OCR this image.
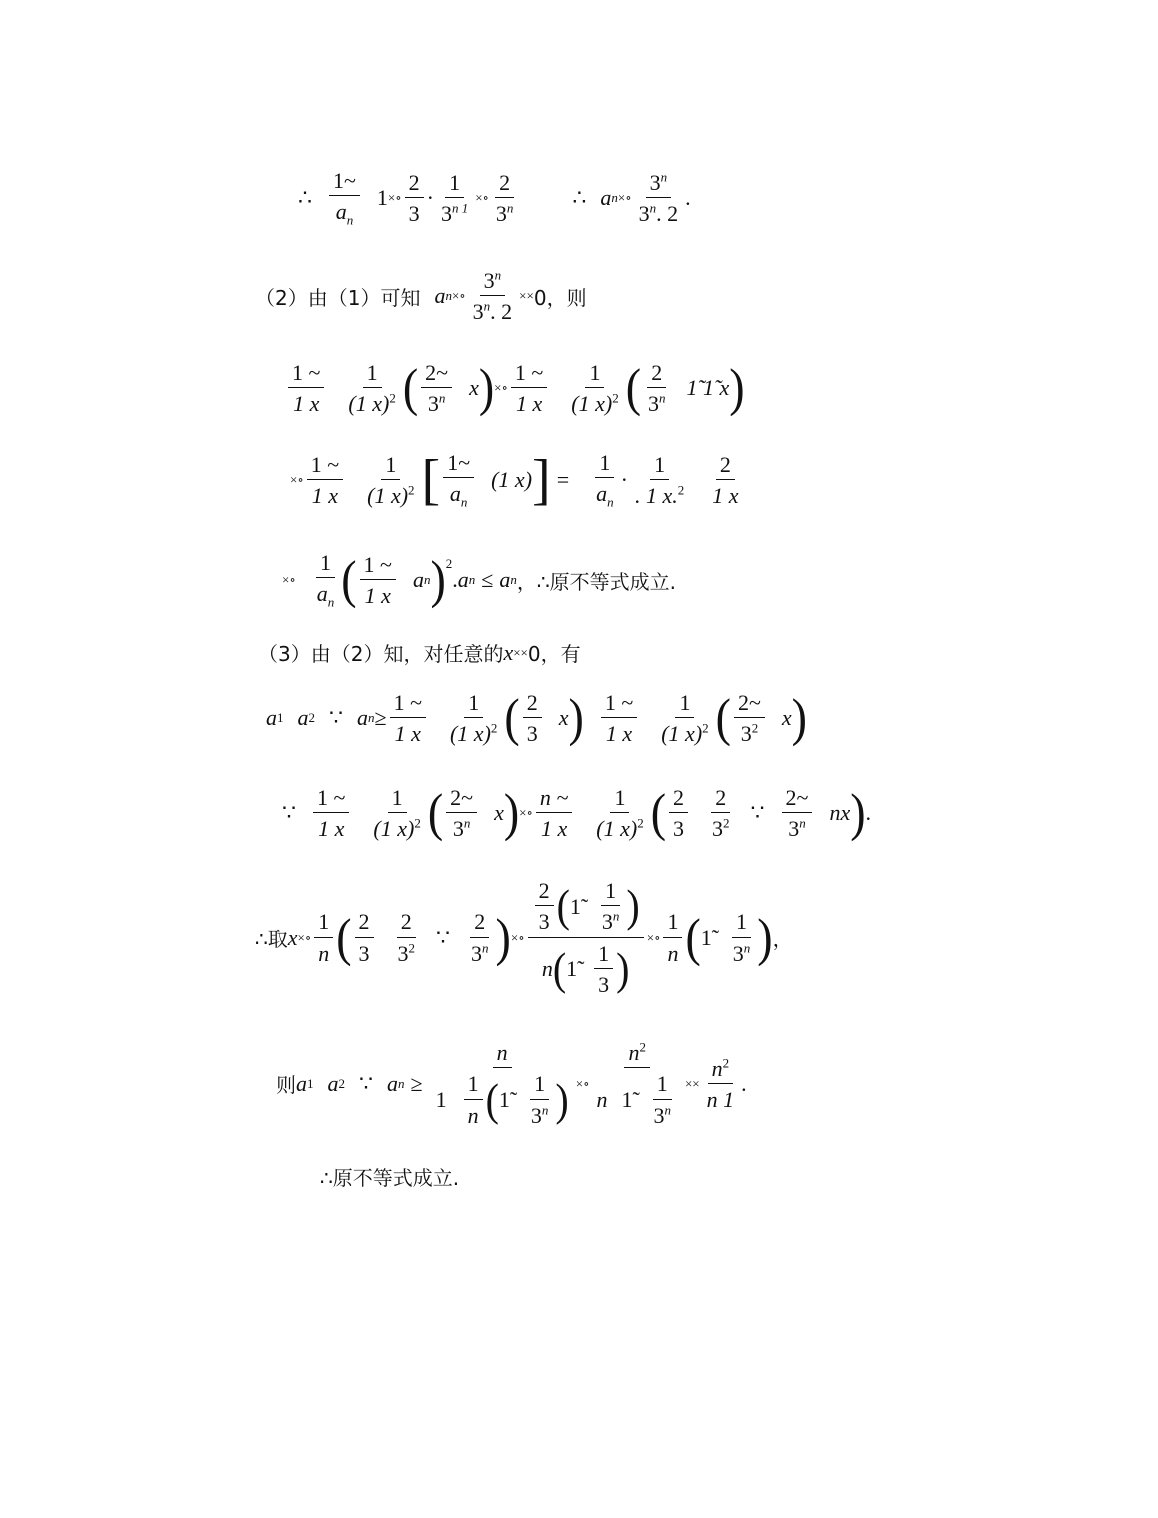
∴ $\frac{1\sim}{a_n} 1$ ×∘ $\frac{2}{3} \cdot \frac{1}{3^{n 1}}$ ×∘ $\frac{2}{3^n}$	∴ a n ×∘ $\frac{3^n}{3^n. 2}$ .
（2）由（1）可知 a n ×∘ $\frac{3^n}{3^n. 2} \times\times 0$，则
$\frac{1 \sim}{1 x} \frac{1}{(1 x)^2}$ ( $\frac{2\sim}{3^n}$ x ) ×∘ $\frac{1 \sim}{1 x} \frac{1}{(1 x)^2}$ ( $\frac{2}{3^n}$ 1̃ 1̃ x )
×∘ $\frac{1 \sim}{1 x} \frac{1}{(1 x)^2}$ [ $\frac{1\sim}{a_n} (1$ x) ] = $\frac{1}{a_n} \cdot \frac{1}{. 1 x.^2} \frac{2}{1 x}$
×∘ $\frac{1}{a_n}$ ( $\frac{1 \sim}{1 x}$ a n )$^2$
. a n ≤ a n ，∴原不等式成立.
（3）由（2）知，对任意的 x ×× 0，有
a 1 a 2 ∵ a $n \ge \frac{1 \sim}{1 x} \frac{1}{(1 x)^2}$ ( $\frac{2}{3}$ x ) $\frac{1 \sim}{1 x} \frac{1}{(1 x)^2}$ ( $\frac{2\sim}{3^2}$ x )
∵ $\frac{1 \sim}{1 x} \frac{1}{(1 x)^2}$ ( $\frac{2\sim}{3^n}$ x ) ×∘ $\frac{n \sim}{1 x} \frac{1}{(1 x)^2}$ ( $\frac{2}{3} \frac{2}{3^2}$ ∵ $\frac{2\sim}{3^n}$ nx ) .
∴取 x ×∘ $\frac{1}{n}$ ( $\frac{2}{3} \frac{2}{3^2}$ ∵ $\frac{2}{3^n}$ ) ×∘ $\frac{\frac{2}{3} ( 1̃ \frac{1}{3^n} )}{n ( 1̃ \frac{1}{3} )}$ ×∘ $\frac{1}{n}$ ( 1̃ $\frac{1}{3^n}$ ) ，
则 a 1 a 2 ∵ a $n \ge \frac{n}{1 \frac{1}{n} ( 1̃ \frac{1}{3^n} )}$ ×∘ $\frac{n^2}{n 1̃ \frac{1}{3^n}} \times\times \frac{n^2}{n 1}$ .
∴原不等式成立.
